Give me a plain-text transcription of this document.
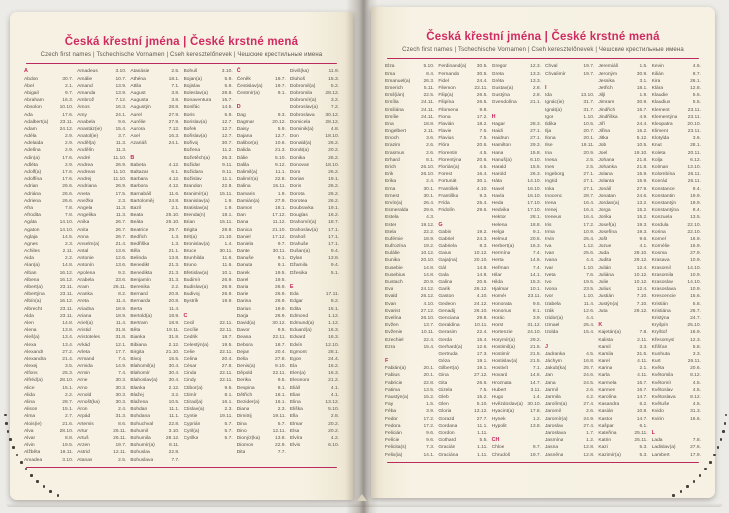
Česká křestní jména | České krstné mená
Czech first names | Tschechische Vornamen | Cseh keresztelőnevek | Чешские крестильные имена
A
Abdon	30.7.
Ábel	2.1.
Abigail	9.7.
Abraham	16.3.
Absolon	10.10.
Ada	17.6.
Adalbert(a) 23.11.
Adam	24.12.
Adéla	2.9.
Adelaida	2.9.
Adelína	2.9.
Adin(a)	17.6.
Adléta	2.9.
Adolf(a)	17.6.
Adolfína	17.6.
Adrian	26.6.
Adriána	26.6.
Adriena	26.6.
Afra	7.8.
Afrodita	7.8.
Agáta	14.10.
Agaton	14.10.
Aglaja	14.5.
Agnes	2.3.
Achiles	2.11.
Aida	2.2.
Alan(a)	14.8.
Alban	16.12.
Albena	16.12.
Albert(a)	23.11.
Albertýna	23.11.
Albín(a)	16.12.
Albrecht	23.11.
Alda	23.11.
Alen	14.8.
Alena	13.8.
Aleš(a)	13.4.
Alexa	13.4.
Alexandr	27.2.
Alexandra	21.4.
Alexej	3.5.
Alfons	25.3.
Alfréd(a)	28.10.
Alice	15.1.
Alida	2.2.
Alina	28.7.
Alison	15.1.
Alma	2.7.
Alois(ie)	21.6.
Alva	28.10.
Alvar	8.8.
Alvin	19.5.
Alžběta	19.11.
Amadea	3.10.
Amadeus	3.10.
Amálie	10.7.
Amand	13.9.
Amanda	13.9.
Ambrož	7.12.
Ámos	16.3.
Amy	24.1.
Anabela	9.6.
Anastáz(ie)	15.4.
Anatol(ie)	3.7.
Anděl(a)	11.3.
Andělín	11.3.
André	11.10.
Andrea	26.9.
Andreas	11.10.
Andrej	11.10.
Andriana	26.9.
Aneta	17.5.
Anežka	2.3.
Angela	11.3.
Angelika	11.3.
Anika	26.7.
Anita	26.7.
Anna	26.7.
Anselm(a)	21.4.
Antal	13.6.
Antonie	12.6.
Antonín	13.6.
Apolena	9.2.
Arabela	23.6.
Aram	26.11.
Aranka	8.2.
Areta	11.4.
Ariadna	18.9.
Ariana	18.9.
Ariel(a)	11.4.
Aristid	31.8.
Aristoteles	31.8.
Arkád	12.1.
Arleta	17.7.
Armand	7.4.
Armida	14.9.
Armin	7.4.
Arne	30.3.
Arno	30.3.
Arnold	30.3.
Arnošt(ka)	30.3.
Áron	2.4.
Arpád	31.3.
Artemis	8.6.
Artur	26.11.
Artuš	26.11.
Arzen	19.7.
Astrid	12.11.
Atanas	2.5.
Atanásie	2.5.
Athéna	18.1.
Attila	7.1.
August	3.8.
Augusta	3.8.
Augustýn	28.8.
Aurel	27.9.
Aurélie	27.9.
Aurora	7.12.
Axel	16.3.
Azariáš	24.1.
B
Babeta	4.12.
Baltazar	6.1.
Barbara	4.12.
Barbora	4.12.
Barnabáš	11.6.
Bartoloměj	24.8.
Bazil	2.1.
Beata	25.10.
Beáta	25.10.
Beatrice	29.7.
Bedřich	1.3.
Bedřiška	1.3.
Běla	21.1.
Belinda	13.8.
Benedikt	21.3.
Benedikta	21.3.
Benjamín	31.3.
Berenika	2.2.
Bernard	20.8.
Bernarda	20.8.
Berta	11.4.
Bertold(a)	18.9.
Bertram	18.9.
Běta	19.11.
Bianka	31.8.
Bibiana	2.12.
Birgita	21.10.
Bivoj	15.5.
Blahomil(a)	30.4.
Blahomír	30.4.
Blahoslav(a) 30.4.
Blanka	2.12.
Blažej	3.2.
Blažena	10.5.
Bohdan	11.1.
Bohdana	11.1.
Bohuchval	22.8.
Bohumil	3.10.
Bohumila	28.12.
Bohumír(a)	8.11.
Bohuslav	22.8.
Bohuslava	7.7.
Bohuš	3.10.
Bojan(a)	5.9.
Bojislav	5.9.
Boleslav(a)	28.8.
Bonaventura 15.7.
Bonifác	14.5.
Boris	5.9.
Borislav(a)	12.7.
Bořek	12.7.
Bořislav(a)	12.7.
Bořivoj	30.7.
Božena	11.2.
Božetěch(a) 26.3.
Božidar	9.11.
Božidara	9.11.
Božislav	11.1.
Brandon	22.8.
Branimír(a) 15.11.
Branislav(a)	1.9.
Bratislav(a)	1.9.
Brenda(n)	18.1.
Brian	15.11.
Brigita	28.9.
Brit(a)	21.10.
Bronislav(a)	1.4.
Bruce	30.11.
Brunhilda	11.6.
Bruno	11.6.
Břetislav(a)	10.1.
Budimír	26.9.
Budislav(a)	26.9.
Budivoj	26.9.
Bystrík	19.9.
C
Cecil	22.11.
Cecílie	22.11.
Cedrik	18.7.
Celestýn(a)	19.5.
Celie	22.11.
Celina	20.4.
César	27.8.
Cinda	22.11.
Cindy	22.11.
Ctibor(a)	9.5.
Ctimír	8.1.
Ctirad(a)	16.1.
Ctislav(a)	2.3.
Cyntie	19.11.
Cyprián	5.7.
Cyril(a)	5.7.
Cyrilka	5.7.
Č
Čeněk	19.7.
Čestislav(a)	19.7.
Čestmír(a)	9.1.
D
Dag	9.3.
Dagmar	20.12.
Daisy	5.9.
Dajana	12.7.
Dalibor(a)	10.6.
Dalida	21.3.
Dálie	5.10.
Dalila	9.12.
Dalimil(a)	11.1.
Dalimír(a)	22.8.
Dalina	15.11.
Damaris	1.9.
Damián(a)	27.9.
Damon	18.1.
Dan	17.12.
Dana	11.12.
Danica	21.10.
Daniel	17.12.
Daniela	9.7.
Dante	30.11.
Danuše	9.1.
Danuta	9.1.
Darek	19.5.
Darel	19.5.
Daria	26.9.
Darie	26.9.
Darina	26.9.
Darius	19.9.
Darja	26.9.
David(a)	30.12.
Davor	9.5.
Deana	22.11.
Debora	18.7.
Dejan	20.4.
Delia	27.8.
Denis(a)	9.10.
Děpold	22.11.
Derika	9.5.
Despina	8.1.
Dětřich	18.1.
Dezider(a)	16.1.
Diana	2.3.
Dimitrij	19.11.
Dina	5.7.
Dino	12.11.
Dionýz(ka)	13.8.
Diomos	22.9.
Dita	7.7.
Diviš(ka)	11.9.
Dluhoš	15.3.
Dobromil(a)	5.2.
Dobromila	28.12.
Dobromír(a)	3.2.
Dobroslav(a)	7.2.
Dobroslava 30.12.
Domicela	28.12.
Dominik(a)	4.8.
Don	18.10.
Donald(a)	26.2.
Donát(a)	20.2.
Donika	26.2.
Donovan	18.10.
Dora	26.2.
Dorian	19.1.
Doris	26.2.
Dorota	26.2.
Dorotea	26.2.
Doubravka	19.1.
Douglas	16.2.
Drahomír(a) 18.7.
Drahoslav(a) 17.1.
Drahoš	17.1.
Drahuše	17.1.
Dušan(a)	9.4.
Dylan	13.8.
Džamila	9.4.
Džesika	5.1.
E
Eda	17.11.
Edgar	8.2.
Edita	15.1.
Edmond	1.12.
Edmund(a)	1.12.
Eduard(a)	16.3.
Edvard	16.3.
Edvín	12.10.
Egmont	28.1.
Egon	24.4.
Ela	16.2.
Elen(a)	16.3.
Eleonora	21.2.
Eliáš	4.1.
Elias	4.1.
Elina	13.12.
Eliška	5.10.
Ella	2.8.
Elmar	20.2.
Elsa	20.2.
Elvíra	4.2.
Elvis	6.10.
Česká křestní jména | České krstné mená
Czech first names | Tschechische Vornamen | Cseh keresztelőnevek | Чешские крестильные имена
Elza	5.10.
Ema	8.4.
Emanuel(a)	26.3.
Emerich	5.11.
Emil(ián)	22.5.
Emília	24.11.
Emiliána	24.11.
Emílie	24.11.
Ena	18.8.
Engelbert	2.11.
Enoch	3.6.
Erazim	2.6.
Erasmus	2.6.
Erhard	8.1.
Erich	26.10.
Erik	26.10.
Erika	2.4.
Erna	30.1.
Ernest	30.1.
Ervín(a)	26.4.
Esmeralda	29.6.
Estela	4.3.
Ester	19.12.
Etela	22.2.
Eufémie	18.9.
Eufrozína	19.2.
Eulálie	10.12.
Eunika	20.10.
Eusebie	14.8.
Eusebius	14.8.
Eustach	20.9.
Eva	24.12.
Evald	26.12.
Evan	4.10.
Evarist	27.12.
Evelína	26.10.
Evžen	13.7.
Evženie	10.11.
Ezechiel	22.4.
Ezra	15.4.
F
Fabián(a)	20.1.
Fabius	20.1.
Fabricie	22.8.
Fatima	13.5.
Faustýn(a)	15.2.
Fay	1.5.
Féba	3.9.
Fedor	17.2.
Fedora	17.2.
Felicián	9.6.
Felície	9.6.
Felicita(s)	7.3.
Felix(ia)	14.1.
Ferdinand(a) 30.5.
Fernando	30.5.
Fidel	24.4.
Filemon	22.11.
Filip(a)	26.5.
Filipína	26.5.
Filomena	9.8.
Fiona	17.2.
Flavián	18.2.
Flavie	7.5.
Flavius	7.5.
Flóra	20.6.
Florentin	4.5.
Florentýna	20.6.
Florián(a)	4.5.
Forest	16.4.
Fortunát	30.1.
František	4.10.
Františka	9.3.
Frída	25.4.
Fridolín	29.6.
G
Gabin	19.2.
Gabriel	24.3.
Gabriela	8.3.
Gaius	10.12.
Gaja(na)	20.10.
Gál	14.8.
Gala	14.8.
Galina	20.6.
Garik	26.12.
Gaston	4.10.
Gedeon	24.12.
Genadij	26.10.
Genciana	29.8.
Geraldina	10.11.
Gerasim	22.4.
Gerda	15.4.
Gerhard(a)	12.6.
Gertruda	17.3.
Géza	19.1.
Gilbert(a)	19.1.
Gina	27.12.
Gita	26.6.
Gizela	7.5.
Gleb	15.2.
Glen	5.10.
Gloria	13.12.
Gorazd	27.7.
Gordana	11.1.
Gordon	1.11.
Gothard	5.5.
Gracián	1.11.
Graciána	1.11.
Gregor	12.3.
Greta	13.3.
Gréta	13.3.
Gustav(a)	2.8.
Gustýna	2.8.
Gvendolína	21.1.
H
Hagar	28.3.
Haidi	27.1.
Haidrun	27.1.
Hamilton	29.3.
Hana	15.8.
Hanuš(a)	6.10.
Harald	15.5.
Harold	26.3.
Háta	14.10.
Havel	16.10.
Havla	16.10.
Heda	17.10.
Hedvika	17.10.
Hektor	28.1.
Helena	18.8.
Helga	9.1.
Helmut	20.5.
Herbert(a)	16.3.
Hermína	7.4.
Herta	14.6.
Heřman	7.4.
Hilar	14.1.
Hilda	15.3.
Hjalmar	10.1.
Homér	23.11.
Honorata	9.5.
Honorius	8.1.
Horác	3.9.
Horst	31.12.
Hortenzie	24.10.
Horymír(a)	29.2.
Hostimil(a)	21.5.
Hostimír	21.5.
Hostislav(a)	21.5.
Hostivít	7.1.
Hovard	14.5.
Hroznata	14.7.
Hubert	3.11.
Hugo	1.4.
Hvězdoslav(a) 30.10.
Hyacint(a)	17.8.
Hynek	1.2.
Hypolit	13.8.
CH
Chloe	9.7.
Chrudoš	19.7.
Chval	19.7.
Chvalimír	19.7.
I
Ida	13.10.
Ignác(ie)	31.7.
Ignát(a)	31.7.
Igor	1.10.
Ildika	10.5.
Ilja	20.7.
Ilona	20.1.
Ilse	19.11.
Ina	20.9.
Inesa	2.5.
Ines	2.5.
Ingeborg	27.1.
Ingrid	27.1.
Inka	27.1.
Inocenc	28.7.
Irena	16.4.
Irenej	16.4.
Ireneus	16.4.
Iris	17.2.
Irma	10.9.
Irvin	25.4.
Iva	1.12.
Ivan	25.6.
Ivana	4.4.
Ivar	1.10.
Iveta	7.6.
Ivo	19.5.
Ivona	23.5.
Ivor	1.10.
Izabela	11.4.
Izák	12.6.
Izidor(a)	4.4.
Izmael	25.4.
Izolda	15.4.
J
Jadranka	4.5.
Jáchym	16.8.
Jakub(ka)	25.7.
Jan	24.6.
Jana	24.5.
Jarmil	2.6.
Jarmila	4.2.
Jarolím(a)	27.4.
Jaromil	2.6.
Jaromír(a)	24.9.
Jaroslav	27.4.
Jaroslava	1.7.
Jasmína	1.2.
Jasna	12.8.
Jasněna	12.8.
Jeremiáš	1.5.
Jeroným	30.9.
Jessika	3.1.
Jetřich	18.1.
Jiljí	1.9.
Jimram	30.9.
Jindřich	15.7.
Jindřiška	4.9.
Jiří	24.4.
Jiřina	15.2.
Jitka	5.12.
Job	10.5.
Joel	19.10.
Johana	21.8.
Johanka	21.8.
Jolana	15.9.
Jolanta	15.9.
Jonáš	27.9.
Jonatan	24.6.
Jordan(a)	13.2.
Jorga	15.2.
Jorika	15.2.
Josef(a)	19.3.
Josefína	19.3.
Jošt	9.6.
Jozue	4.1.
Juda	28.10.
Judita	29.12.
Julián	12.4.
Juliána	10.12.
Julie	10.12.
Julius	12.4.
Justián	7.10.
Justýn(a)	7.10.
Juta	29.12.
K
Kajetán(a)	7.8.
Kalista	2.11.
Kamil	3.3.
Kamila	31.5.
Karel	4.11.
Karina	2.1.
Karla	4.11.
Karmela	16.7.
Karmen	16.7.
Karolína	14.7.
Kasandra	6.2.
Kasián	10.8.
Kastor	14.7.
Kašpar	6.1.
Kateřina	25.11.
Katrin	25.11.
Kazi	5.3.
Kazimír(a)	5.3.
Kevin	4.6.
Kilián	8.7.
Kira	26.1.
Klára	12.8.
Klaudie	5.5.
Klaudius	5.5.
Klement	23.11.
Klementýna 23.11.
Kleopatra	20.10.
Kliment	23.11.
Klotylda	3.6.
Knut	28.1.
Koleta	20.11.
Kolja	6.12.
Kolman	13.10.
Kolombína	26.11.
Konrád	26.11.
Konstance	8.4.
Konstantin	19.9.
Konstantýn	19.9.
Konstantýna	8.4.
Konzuela	13.5.
Kordula	22.10.
Korina	22.10.
Kornel	16.9.
Kornélie	16.9.
Kosma	27.9.
Krasava	10.9.
Krasomil	14.10.
Krasomila	10.9.
Krasoslav	14.10.
Krasoslava	10.9.
Krescencie	15.6.
Kristián	5.8.
Kristiána	26.7.
Kristýna	24.7.
Kryšpín	25.10.
Kryštof	16.9.
Křesomysl	12.3.
Křišťan	5.8.
Kunhuta	3.3.
Kurt	26.11.
Květa	20.6.
Květomila	8.12.
Květomír	4.5.
Květoslav	4.5.
Květoslava	8.12.
Květuše	4.5.
Kvido	31.3.
Kvirin	16.6.
L
Lada	7.8.
Ladislav(a)	27.6.
Lambert	17.9.
